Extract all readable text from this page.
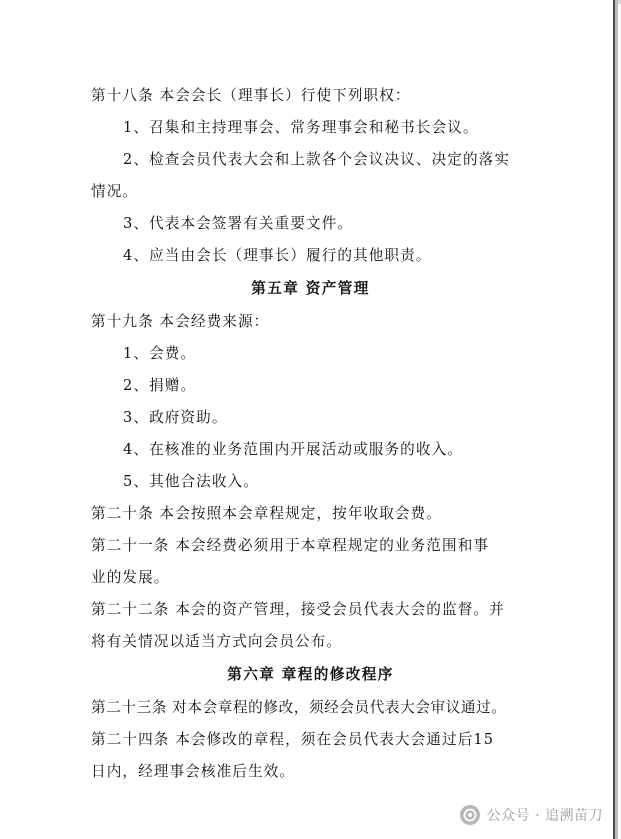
第十八条 本会会长（理事长）行使下列职权：
1、召集和主持理事会、常务理事会和秘书长会议。
2、检查会员代表大会和上款各个会议决议、决定的落实
情况。
3、代表本会签署有关重要文件。
4、应当由会长（理事长）履行的其他职责。
第五章 资产管理
第十九条 本会经费来源：
1、会费。
2、捐赠。
3、政府资助。
4、在核准的业务范围内开展活动或服务的收入。
5、其他合法收入。
第二十条 本会按照本会章程规定，按年收取会费。
第二十一条 本会经费必须用于本章程规定的业务范围和事
业的发展。
第二十二条 本会的资产管理，接受会员代表大会的监督。并
将有关情况以适当方式向会员公布。
第六章 章程的修改程序
第二十三条 对本会章程的修改，须经会员代表大会审议通过。
第二十四条 本会修改的章程，须在会员代表大会通过后15
日内，经理事会核准后生效。
公众号 · 追溯苗刀
